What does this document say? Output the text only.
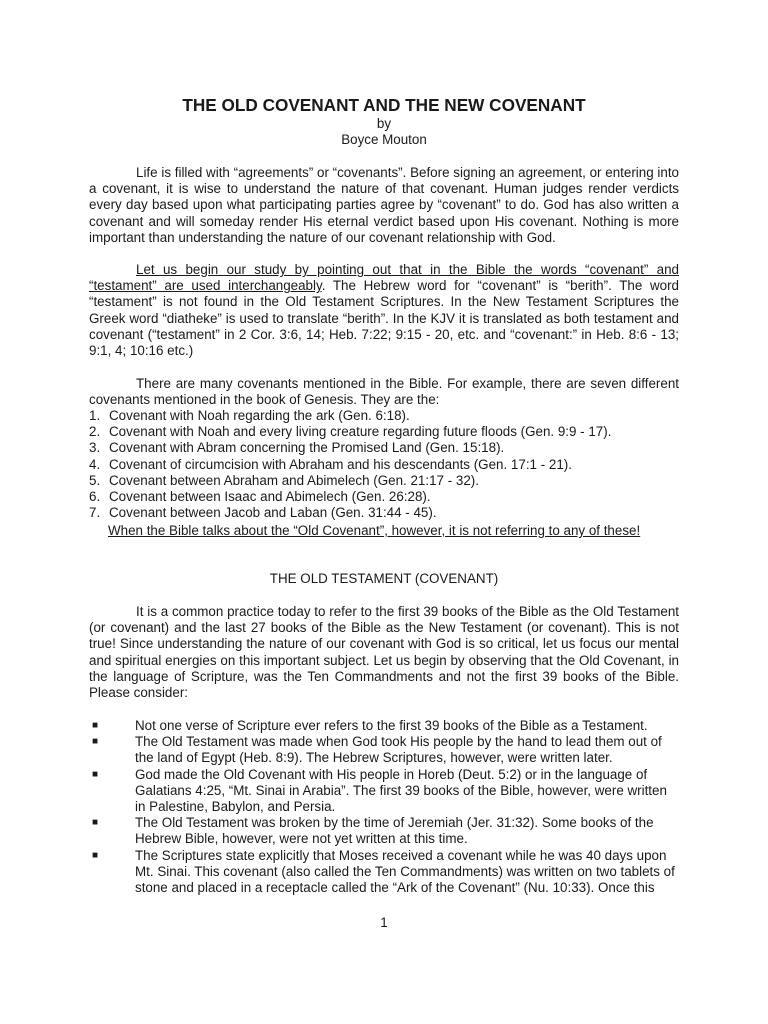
THE OLD COVENANT AND THE NEW COVENANT
by
Boyce Mouton

Life is filled with “agreements” or “covenants”. Before signing an agreement, or entering into a covenant, it is wise to understand the nature of that covenant. Human judges render verdicts every day based upon what participating parties agree by “covenant” to do. God has also written a covenant and will someday render His eternal verdict based upon His covenant. Nothing is more important than understanding the nature of our covenant relationship with God.

Let us begin our study by pointing out that in the Bible the words “covenant” and “testament” are used interchangeably. The Hebrew word for “covenant” is “berith”. The word “testament” is not found in the Old Testament Scriptures. In the New Testament Scriptures the Greek word “diatheke” is used to translate “berith”. In the KJV it is translated as both testament and covenant (“testament” in 2 Cor. 3:6, 14; Heb. 7:22; 9:15 - 20, etc. and “covenant:” in Heb. 8:6 - 13; 9:1, 4; 10:16 etc.)

There are many covenants mentioned in the Bible. For example, there are seven different covenants mentioned in the book of Genesis. They are the:

1. Covenant with Noah regarding the ark (Gen. 6:18).
2. Covenant with Noah and every living creature regarding future floods (Gen. 9:9 - 17).
3. Covenant with Abram concerning the Promised Land (Gen. 15:18).
4. Covenant of circumcision with Abraham and his descendants (Gen. 17:1 - 21).
5. Covenant between Abraham and Abimelech (Gen. 21:17 - 32).
6. Covenant between Isaac and Abimelech (Gen. 26:28).
7. Covenant between Jacob and Laban (Gen. 31:44 - 45).
When the Bible talks about the “Old Covenant”, however, it is not referring to any of these!
THE OLD TESTAMENT (COVENANT)

It is a common practice today to refer to the first 39 books of the Bible as the Old Testament (or covenant) and the last 27 books of the Bible as the New Testament (or covenant). This is not true! Since understanding the nature of our covenant with God is so critical, let us focus our mental and spiritual energies on this important subject. Let us begin by observing that the Old Covenant, in the language of Scripture, was the Ten Commandments and not the first 39 books of the Bible. Please consider:

■	Not one verse of Scripture ever refers to the first 39 books of the Bible as a Testament.
■	The Old Testament was made when God took His people by the hand to lead them out of the land of Egypt (Heb. 8:9). The Hebrew Scriptures, however, were written later.
■	God made the Old Covenant with His people in Horeb (Deut. 5:2) or in the language of Galatians 4:25, “Mt. Sinai in Arabia”. The first 39 books of the Bible, however, were written in Palestine, Babylon, and Persia.
■	The Old Testament was broken by the time of Jeremiah (Jer. 31:32). Some books of the Hebrew Bible, however, were not yet written at this time.
■	The Scriptures state explicitly that Moses received a covenant while he was 40 days upon Mt. Sinai. This covenant (also called the Ten Commandments) was written on two tablets of stone and placed in a receptacle called the “Ark of the Covenant” (Nu. 10:33). Once this
1
